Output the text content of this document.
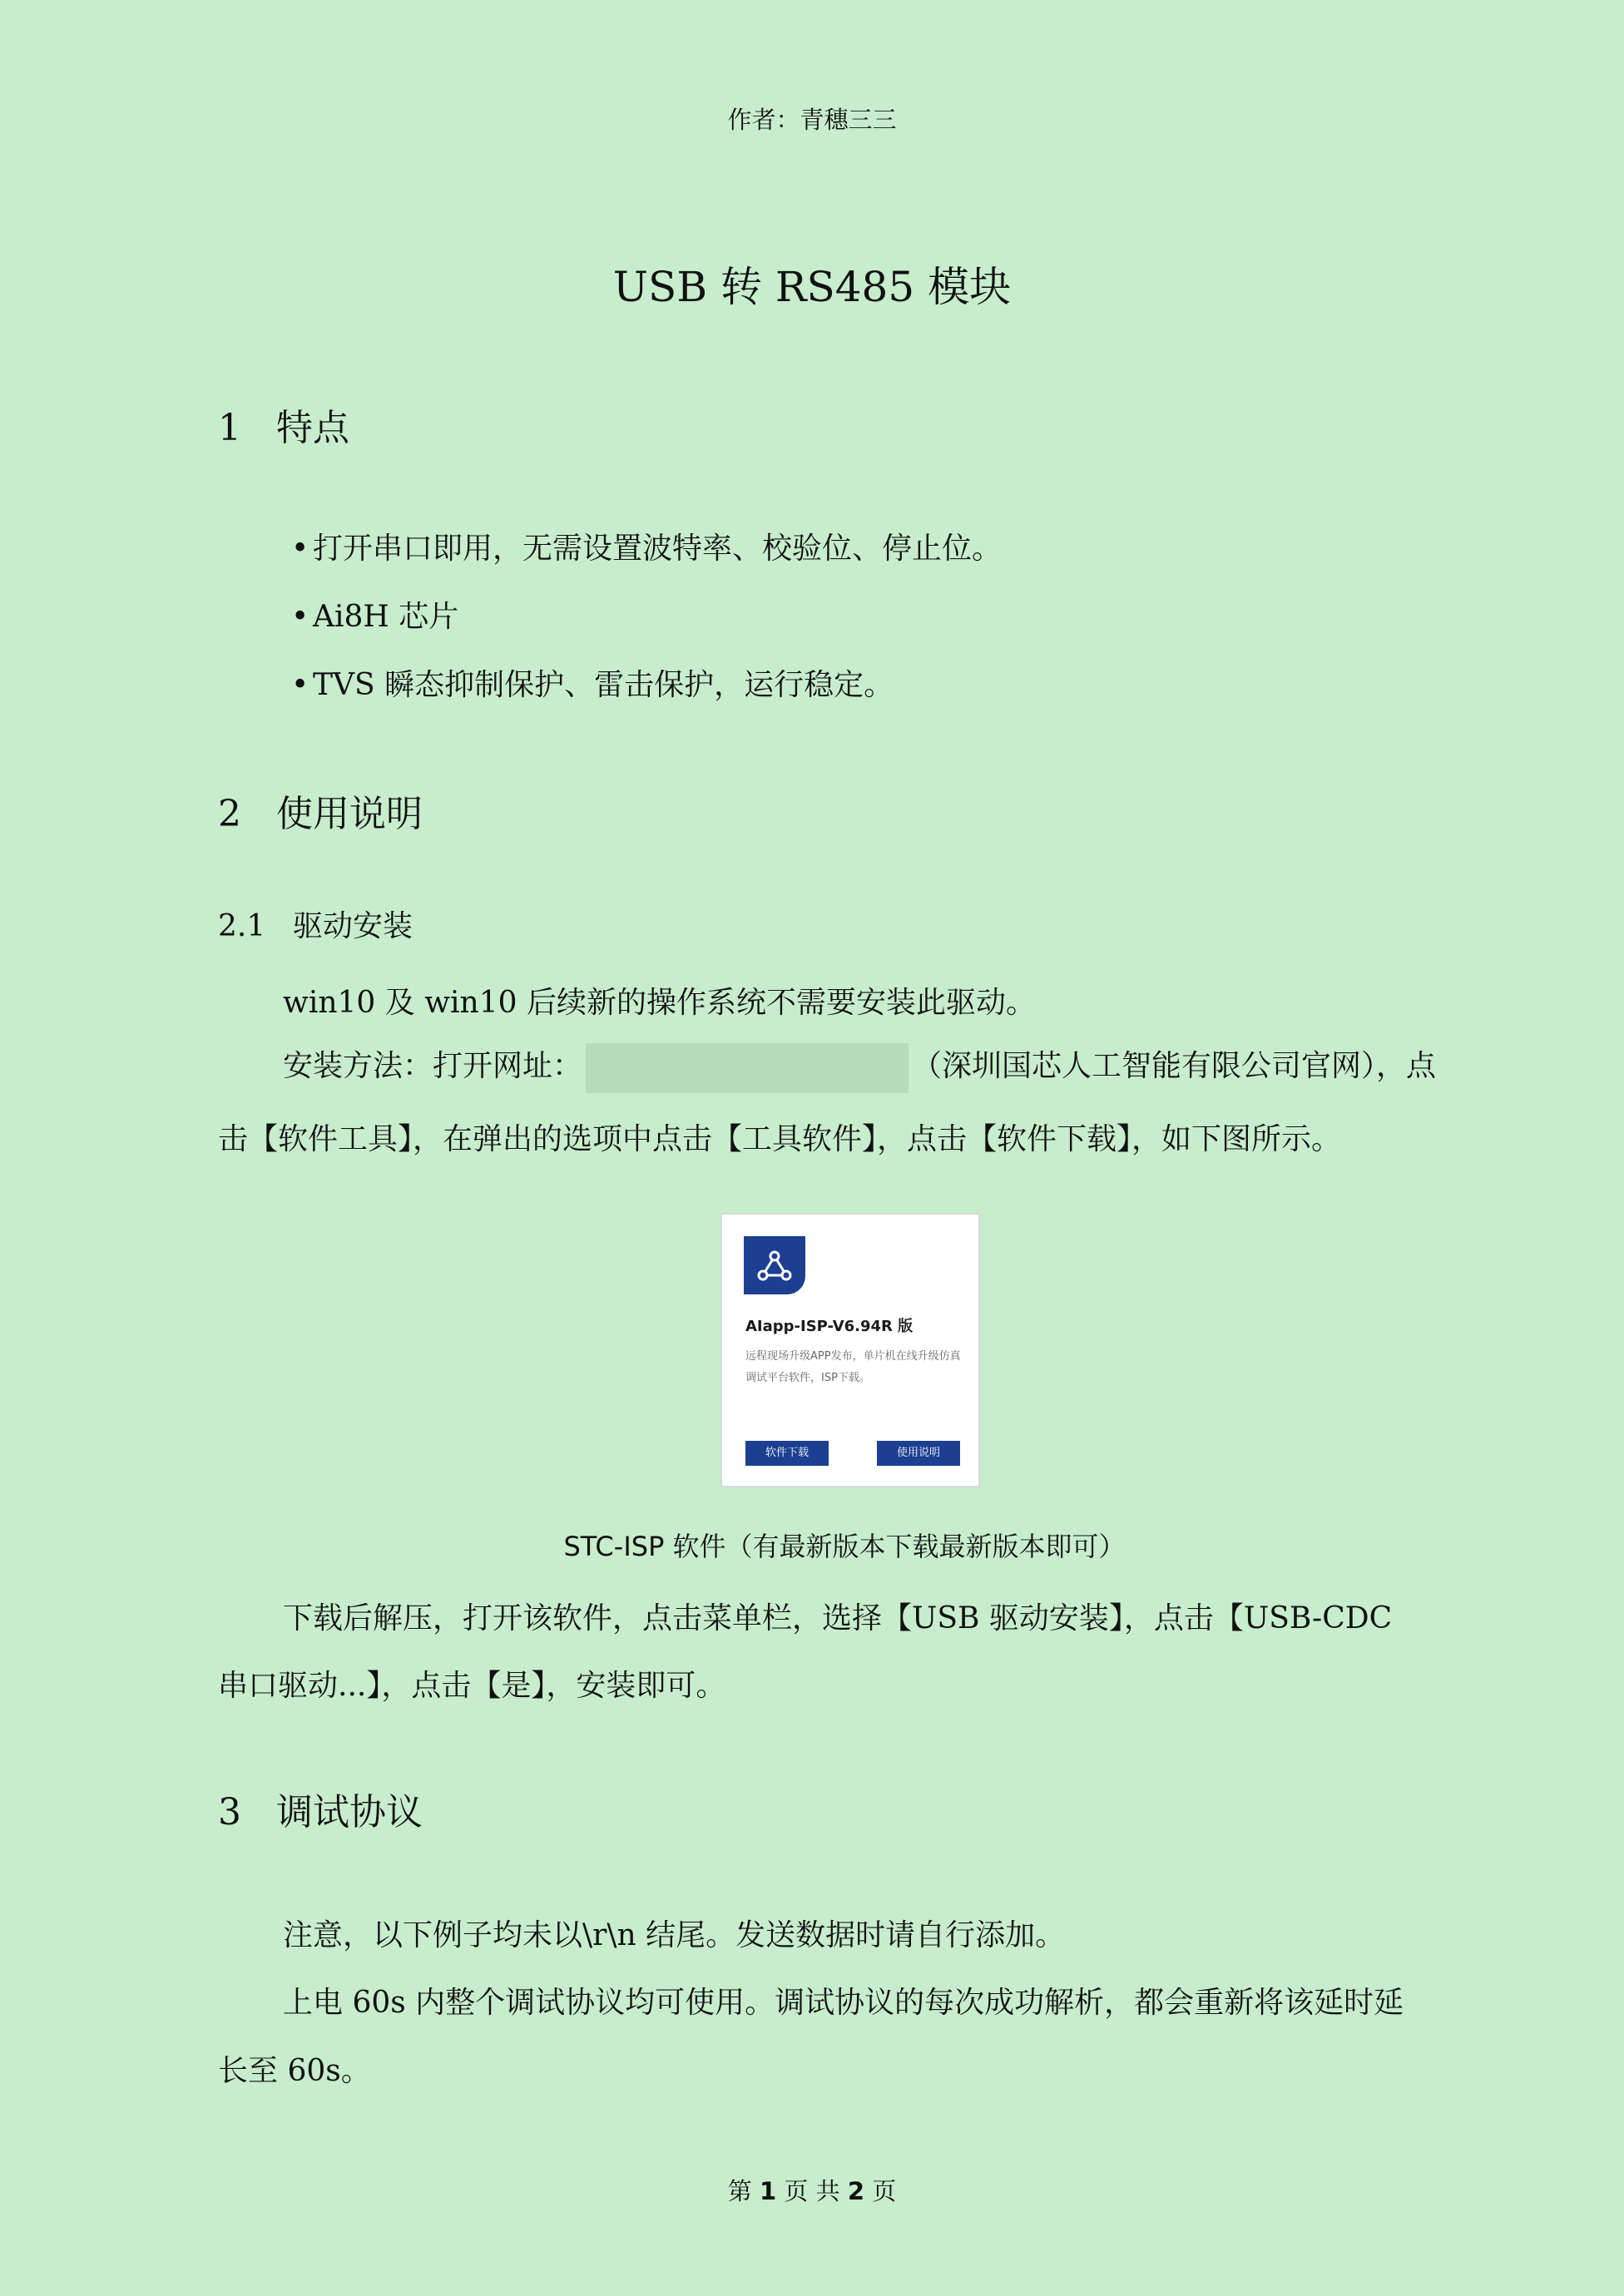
作者：青穗三三
USB 转 RS485 模块
1 特点
• 打开串口即用，无需设置波特率、校验位、停止位。
• Ai8H 芯片
• TVS 瞬态抑制保护、雷击保护，运行稳定。
2 使用说明
2.1 驱动安装
win10 及 win10 后续新的操作系统不需要安装此驱动。
安装方法：打开网址：	（深圳国芯人工智能有限公司官网），点
击【软件工具】，在弹出的选项中点击【工具软件】，点击【软件下载】，如下图所示。
AIapp-ISP-V6.94R 版
远程现场升级APP发布，单片机在线升级仿真调试平台软件，ISP下载。
软件下载	使用说明
STC-ISP 软件（有最新版本下载最新版本即可）
下载后解压，打开该软件，点击菜单栏，选择【USB 驱动安装】，点击【USB-CDC
串口驱动...】，点击【是】，安装即可。
3 调试协议
注意，以下例子均未以\r\n 结尾。发送数据时请自行添加。
上电 60s 内整个调试协议均可使用。调试协议的每次成功解析，都会重新将该延时延
长至 60s。
第 1 页 共 2 页
